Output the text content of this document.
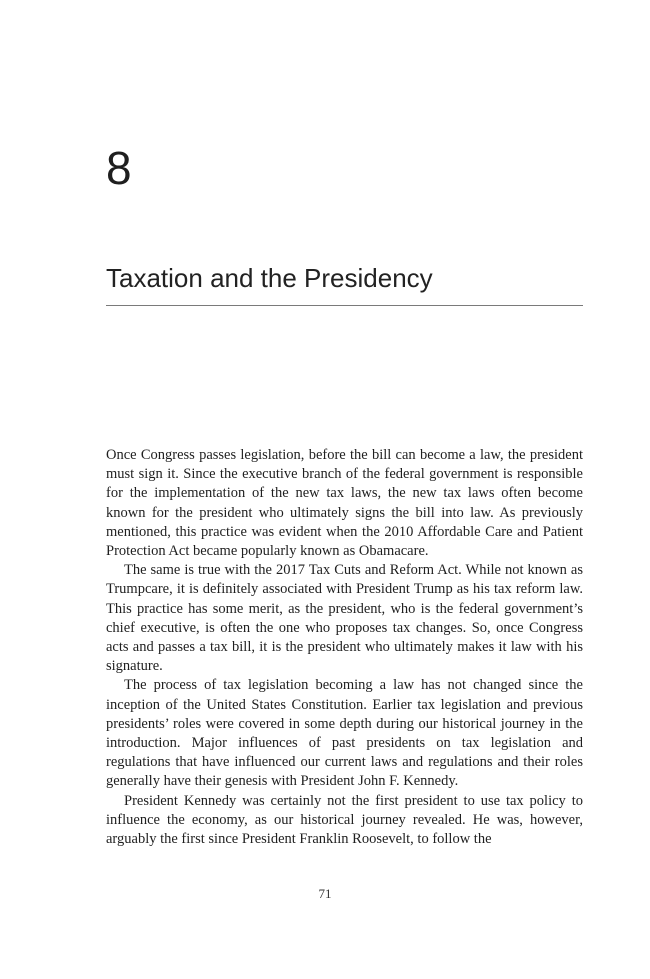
8
Taxation and the Presidency

Once Congress passes legislation, before the bill can become a law, the president must sign it. Since the executive branch of the federal government is responsible for the implementation of the new tax laws, the new tax laws often become known for the president who ultimately signs the bill into law. As previously mentioned, this practice was evident when the 2010 Affordable Care and Patient Protection Act became popularly known as Obamacare.

The same is true with the 2017 Tax Cuts and Reform Act. While not known as Trumpcare, it is definitely associated with President Trump as his tax reform law. This practice has some merit, as the president, who is the federal government’s chief executive, is often the one who proposes tax changes. So, once Congress acts and passes a tax bill, it is the president who ultimately makes it law with his signature.

The process of tax legislation becoming a law has not changed since the inception of the United States Constitution. Earlier tax legislation and previous presidents’ roles were covered in some depth during our historical journey in the introduction. Major influences of past presidents on tax legislation and regulations that have influenced our current laws and regulations and their roles generally have their genesis with President John F. Kennedy.

President Kennedy was certainly not the first president to use tax policy to influence the economy, as our historical journey revealed. He was, however, arguably the first since President Franklin Roosevelt, to follow the

71
